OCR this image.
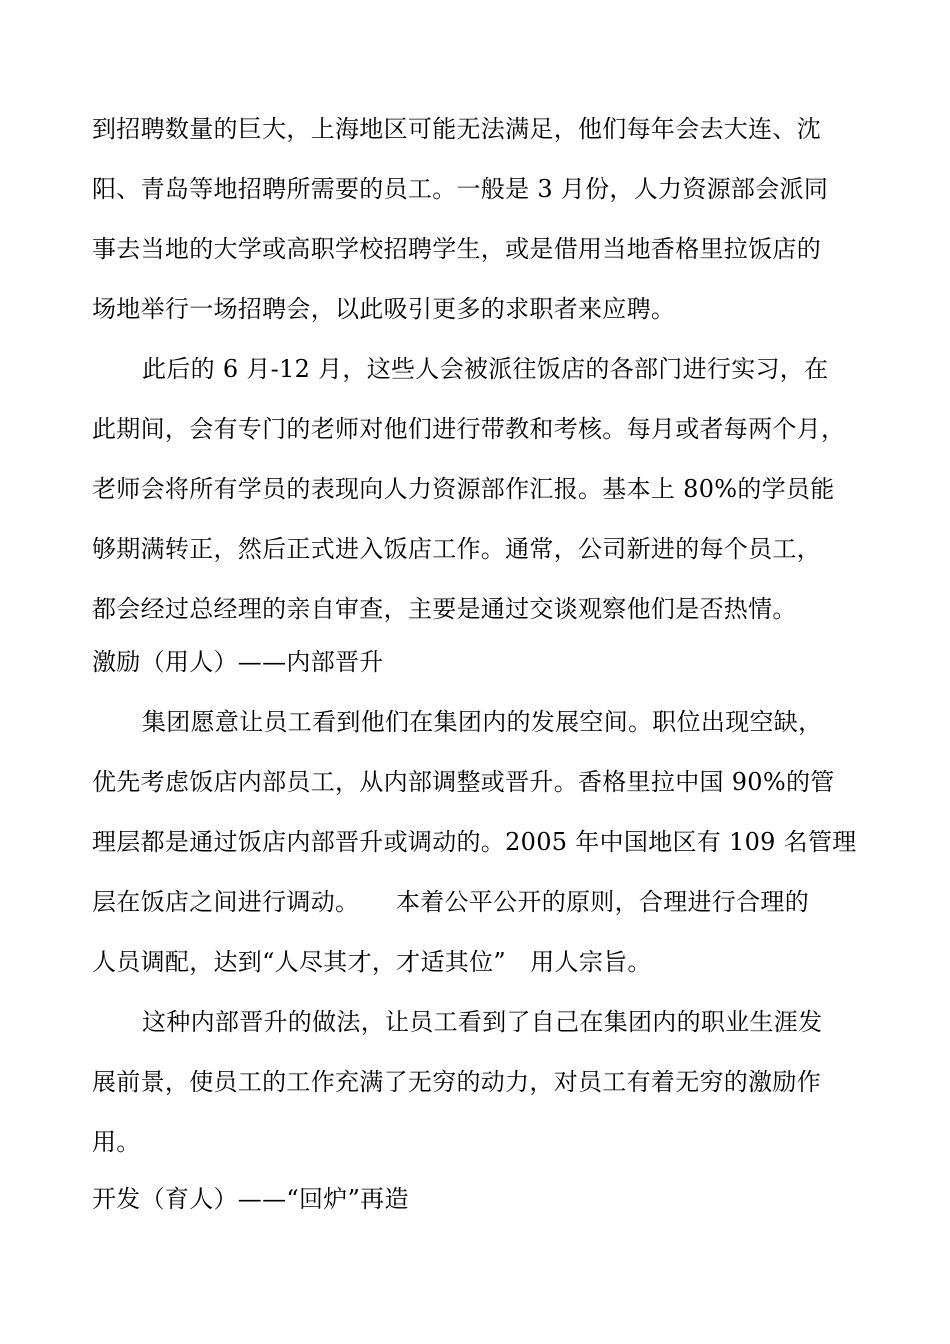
到招聘数量的巨大，上海地区可能无法满足，他们每年会去大连、沈
阳、青岛等地招聘所需要的员工。一般是 3 月份，人力资源部会派同
事去当地的大学或高职学校招聘学生，或是借用当地香格里拉饭店的
场地举行一场招聘会，以此吸引更多的求职者来应聘。
此后的 6 月-12 月，这些人会被派往饭店的各部门进行实习，在
此期间，会有专门的老师对他们进行带教和考核。每月或者每两个月，
老师会将所有学员的表现向人力资源部作汇报。基本上 80%的学员能
够期满转正，然后正式进入饭店工作。通常，公司新进的每个员工，
都会经过总经理的亲自审查，主要是通过交谈观察他们是否热情。
激励（用人）——内部晋升
集团愿意让员工看到他们在集团内的发展空间。职位出现空缺，
优先考虑饭店内部员工，从内部调整或晋升。香格里拉中国 90%的管
理层都是通过饭店内部晋升或调动的。2005 年中国地区有 109 名管理
层在饭店之间进行调动。　　本着公平公开的原则，合理进行合理的
人员调配，达到“人尽其才，才适其位”　用人宗旨。
这种内部晋升的做法，让员工看到了自己在集团内的职业生涯发
展前景，使员工的工作充满了无穷的动力，对员工有着无穷的激励作
用。
开发（育人）——“回炉”再造
